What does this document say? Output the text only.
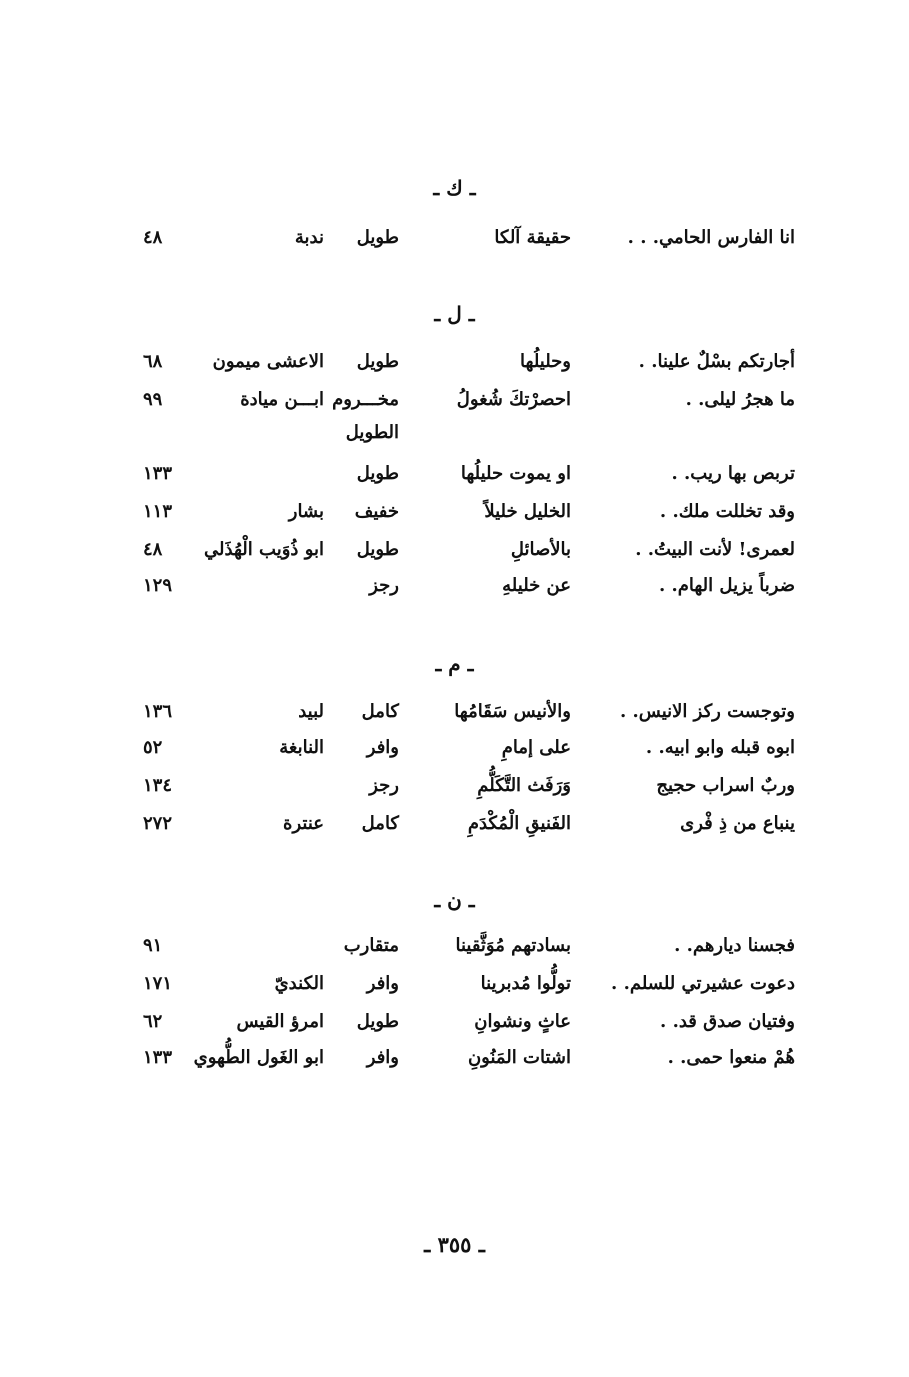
ـ ك ـ
انا الفارس الحامي. . .
حقيقة آلكا
طويل
ندبة
٤٨
ـ ل ـ
أجارتكم بسْلٌ علينا. .
وحليلُها
طويل
الاعشى ميمون
٦٨
ما هجرُ ليلى. .
احصرْتكَ شُغولُ
مخـــروم
ابـــن ميادة
٩٩
الطويل
تربص بها ريب. .
او يموت حليلُها
طويل
١٣٣
وقد تخللت ملك. .
الخليل خليلاً
خفيف
بشار
١١٣
لعمرى! لأنت البيتُ. .
بالأصائلِ
طويل
ابو ذُوَيب الْهُذَلي
٤٨
ضرباً يزيل الهام. .
عن خليلهِ
رجز
١٢٩
ـ م ـ
وتوجست ركز الانيس. .
والأنيس سَقَامُها
كامل
لبيد
١٣٦
ابوه قبله وابو ابيه. .
على إمامِ
وافر
النابغة
٥٢
وربٌ اسراب حجيج
وَرَفَث التَّكَلُّمِ
رجز
١٣٤
ينباع من ذِ فْرى
الفَنيقِ الْمُكْدَمِ
كامل
عنترة
٢٧٢
ـ ن ـ
فجسنا ديارهم. .
بسادتهم مُوَثَّقينا
متقارب
٩١
دعوت عشيرتي للسلم. .
تولُّوا مُدبرينا
وافر
الكنديّ
١٧١
وفتيان صدق قد. .
عاثٍ ونشوانِ
طويل
امرؤ القيس
٦٢
هُمْ منعوا حمى. .
اشتات المَنُونِ
وافر
ابو الغَول الطُّهوي
١٣٣
ـ ٣٥٥ ـ
